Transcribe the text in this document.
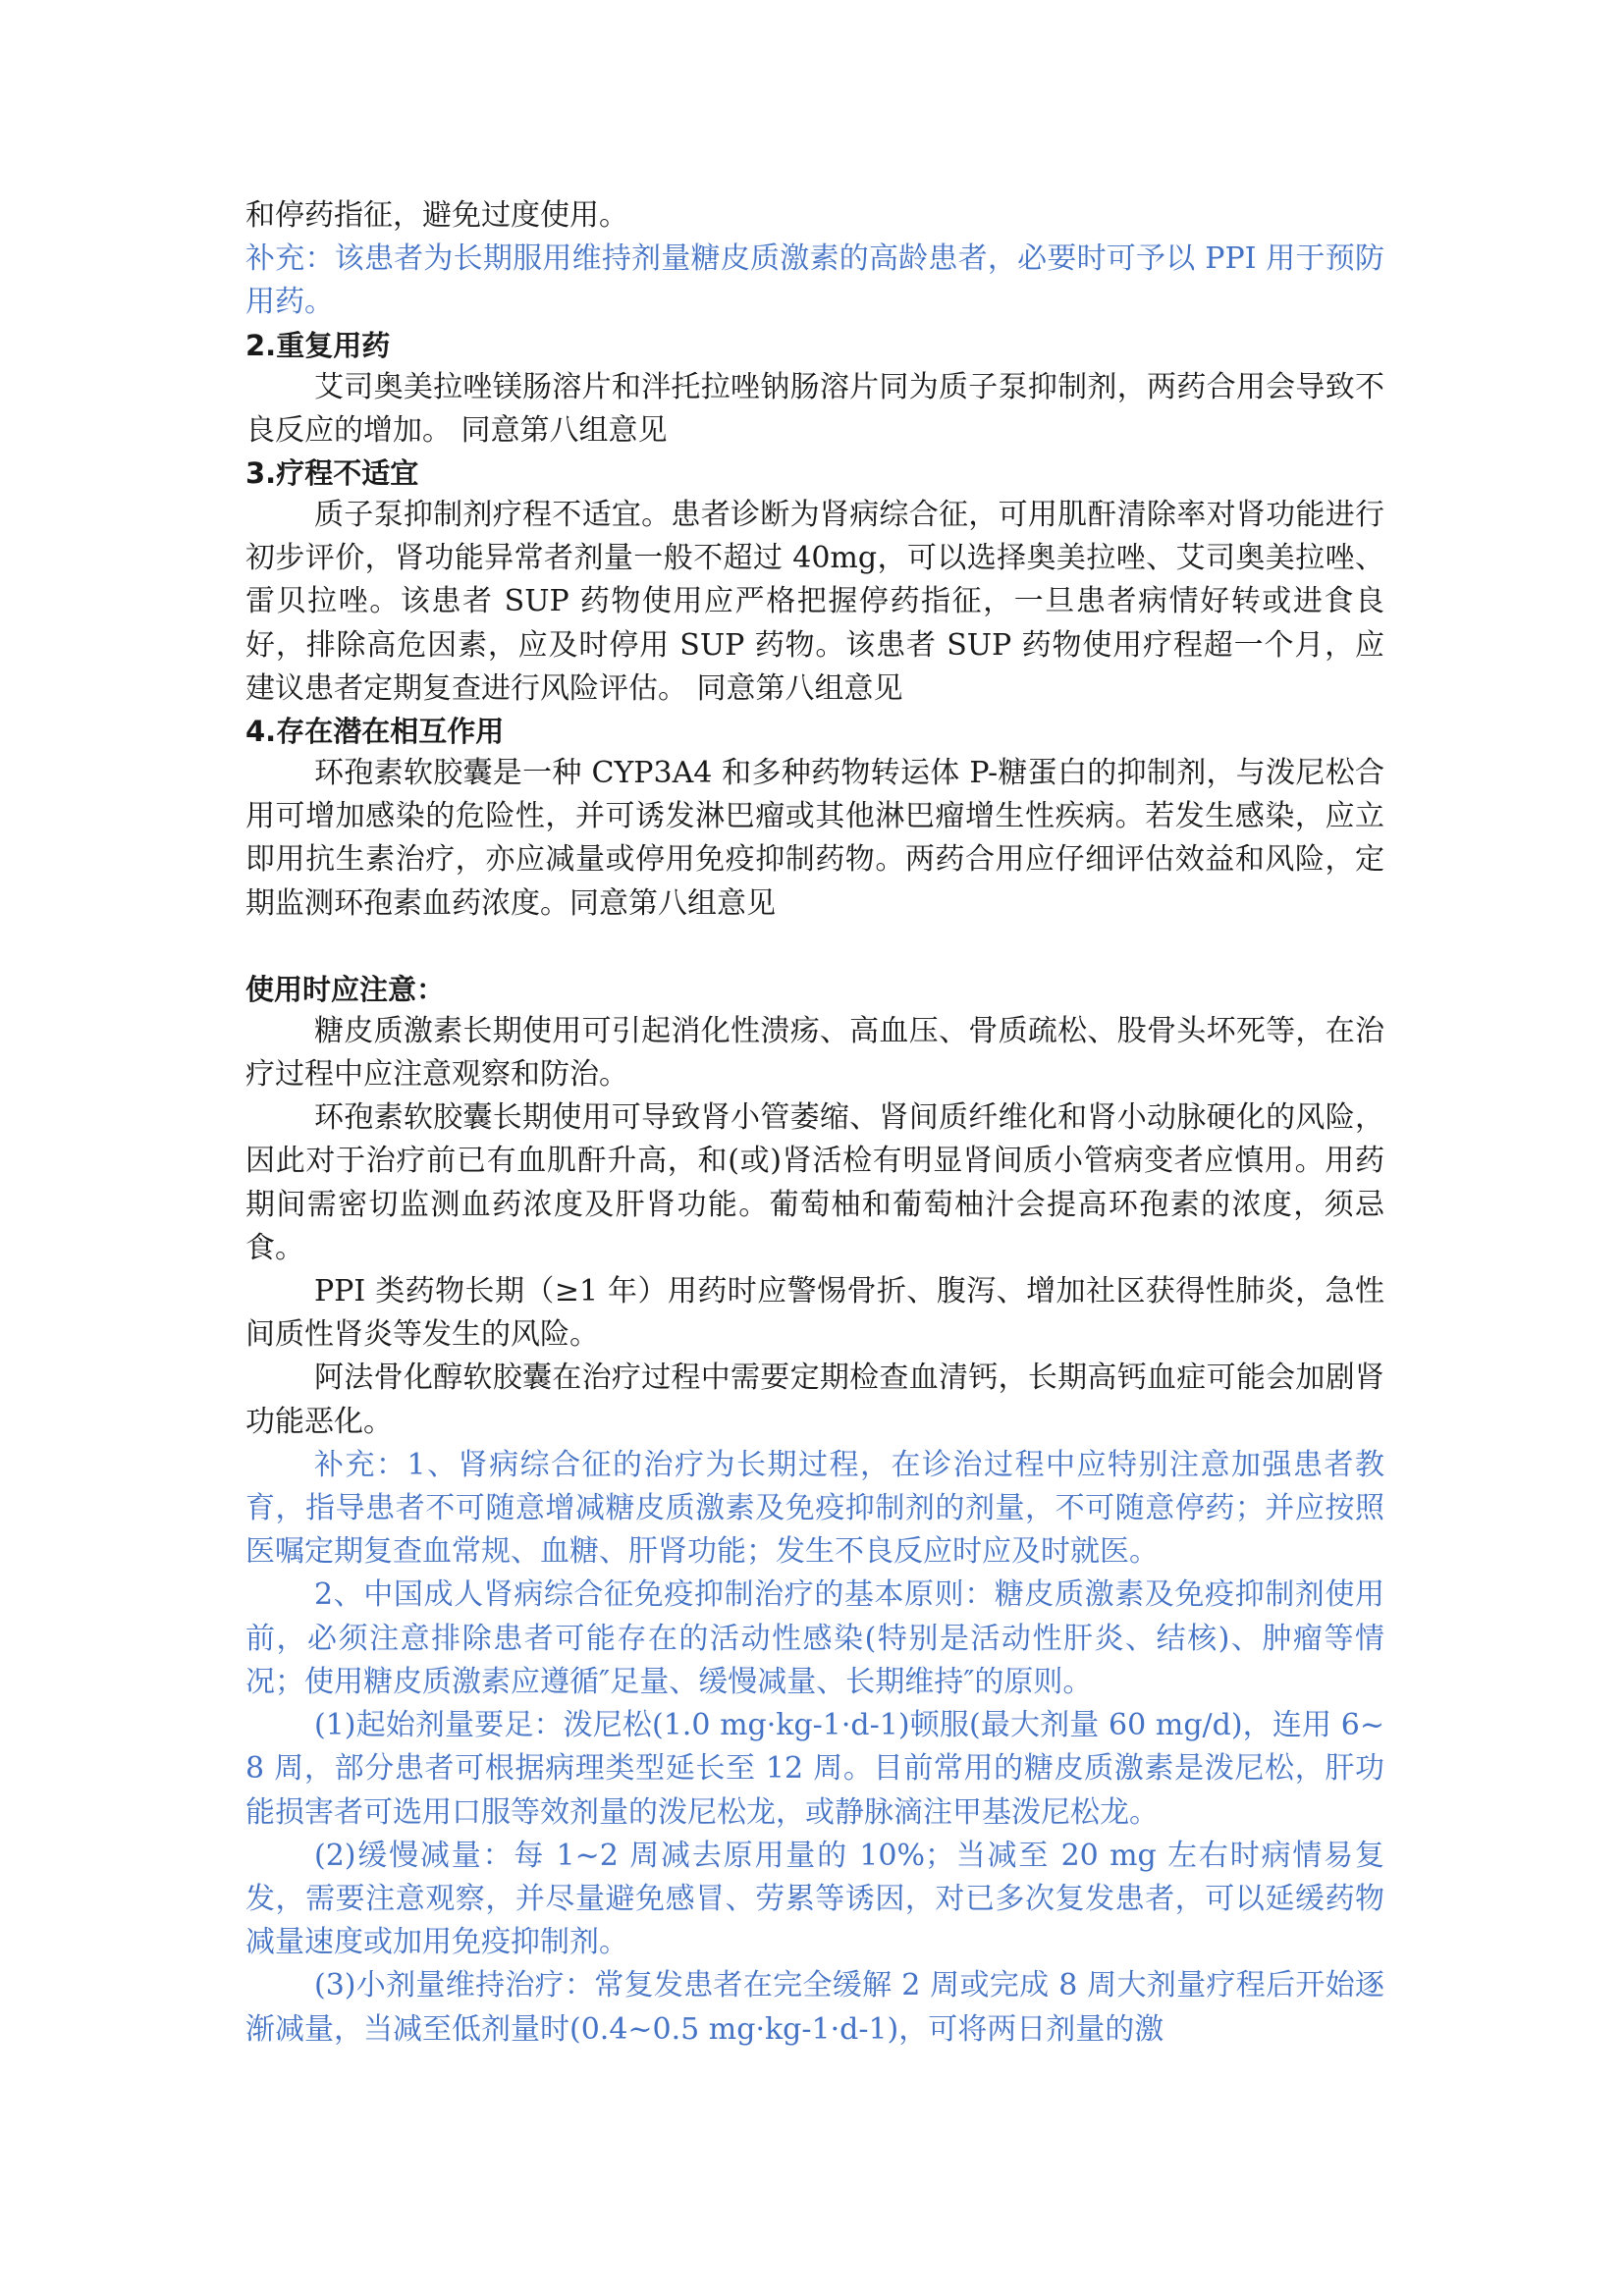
和停药指征，避免过度使用。

补充：该患者为长期服用维持剂量糖皮质激素的高龄患者，必要时可予以 PPI 用于预防用药。

2.重复用药

艾司奥美拉唑镁肠溶片和泮托拉唑钠肠溶片同为质子泵抑制剂，两药合用会导致不良反应的增加。 同意第八组意见

3.疗程不适宜

质子泵抑制剂疗程不适宜。患者诊断为肾病综合征，可用肌酐清除率对肾功能进行初步评价，肾功能异常者剂量一般不超过 40mg，可以选择奥美拉唑、艾司奥美拉唑、雷贝拉唑。该患者 SUP 药物使用应严格把握停药指征，一旦患者病情好转或进食良好，排除高危因素，应及时停用 SUP 药物。该患者 SUP 药物使用疗程超一个月，应建议患者定期复查进行风险评估。 同意第八组意见

4.存在潜在相互作用

环孢素软胶囊是一种 CYP3A4 和多种药物转运体 P-糖蛋白的抑制剂，与泼尼松合用可增加感染的危险性，并可诱发淋巴瘤或其他淋巴瘤增生性疾病。若发生感染，应立即用抗生素治疗，亦应减量或停用免疫抑制药物。两药合用应仔细评估效益和风险，定期监测环孢素血药浓度。同意第八组意见

使用时应注意：

糖皮质激素长期使用可引起消化性溃疡、高血压、骨质疏松、股骨头坏死等，在治疗过程中应注意观察和防治。

环孢素软胶囊长期使用可导致肾小管萎缩、肾间质纤维化和肾小动脉硬化的风险，因此对于治疗前已有血肌酐升高，和(或)肾活检有明显肾间质小管病变者应慎用。用药期间需密切监测血药浓度及肝肾功能。葡萄柚和葡萄柚汁会提高环孢素的浓度，须忌食。

PPI 类药物长期（≥1 年）用药时应警惕骨折、腹泻、增加社区获得性肺炎，急性间质性肾炎等发生的风险。

阿法骨化醇软胶囊在治疗过程中需要定期检查血清钙，长期高钙血症可能会加剧肾功能恶化。

补充：1、肾病综合征的治疗为长期过程，在诊治过程中应特别注意加强患者教育，指导患者不可随意增减糖皮质激素及免疫抑制剂的剂量，不可随意停药；并应按照医嘱定期复查血常规、血糖、肝肾功能；发生不良反应时应及时就医。

2、中国成人肾病综合征免疫抑制治疗的基本原则：糖皮质激素及免疫抑制剂使用前，必须注意排除患者可能存在的活动性感染(特别是活动性肝炎、结核)、肿瘤等情况；使用糖皮质激素应遵循″足量、缓慢减量、长期维持″的原则。

(1)起始剂量要足：泼尼松(1.0 mg·kg-1·d-1)顿服(最大剂量 60 mg/d)，连用 6~8 周，部分患者可根据病理类型延长至 12 周。目前常用的糖皮质激素是泼尼松，肝功能损害者可选用口服等效剂量的泼尼松龙，或静脉滴注甲基泼尼松龙。

(2)缓慢减量：每 1~2 周减去原用量的 10%；当减至 20 mg 左右时病情易复发，需要注意观察，并尽量避免感冒、劳累等诱因，对已多次复发患者，可以延缓药物减量速度或加用免疫抑制剂。

(3)小剂量维持治疗：常复发患者在完全缓解 2 周或完成 8 周大剂量疗程后开始逐渐减量，当减至低剂量时(0.4~0.5 mg·kg-1·d-1)，可将两日剂量的激
